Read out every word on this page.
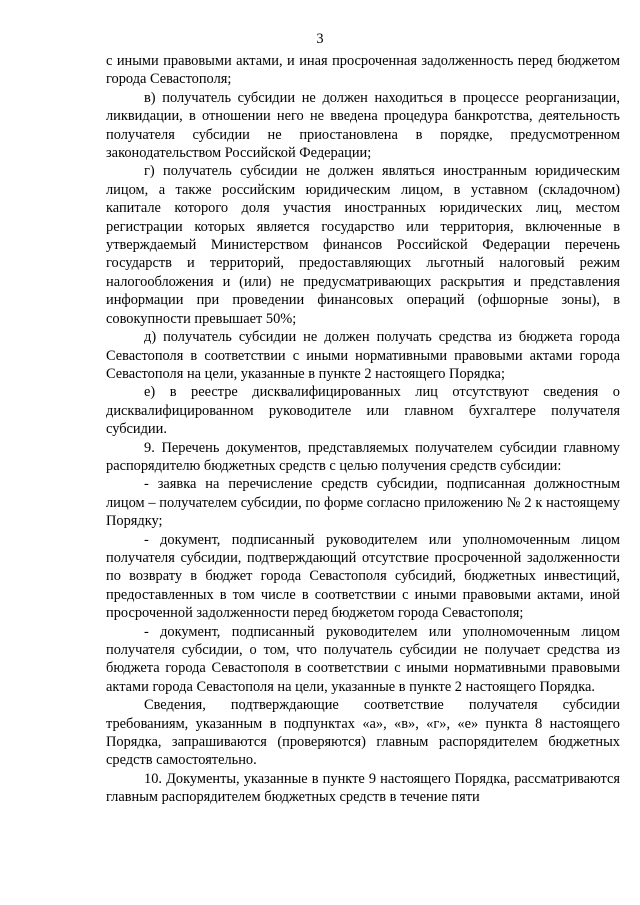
3

с иными правовыми актами, и иная просроченная задолженность перед бюджетом города Севастополя;

в) получатель субсидии не должен находиться в процессе реорганизации, ликвидации, в отношении него не введена процедура банкротства, деятельность получателя субсидии не приостановлена в порядке, предусмотренном законодательством Российской Федерации;

г) получатель субсидии не должен являться иностранным юридическим лицом, а также российским юридическим лицом, в уставном (складочном) капитале которого доля участия иностранных юридических лиц, местом регистрации которых является государство или территория, включенные в утверждаемый Министерством финансов Российской Федерации перечень государств и территорий, предоставляющих льготный налоговый режим налогообложения и (или) не предусматривающих раскрытия и представления информации при проведении финансовых операций (офшорные зоны), в совокупности превышает 50%;

д) получатель субсидии не должен получать средства из бюджета города Севастополя в соответствии с иными нормативными правовыми актами города Севастополя на цели, указанные в пункте 2 настоящего Порядка;

е) в реестре дисквалифицированных лиц отсутствуют сведения о дисквалифицированном руководителе или главном бухгалтере получателя субсидии.

9. Перечень документов, представляемых получателем субсидии главному распорядителю бюджетных средств с целью получения средств субсидии:

- заявка на перечисление средств субсидии, подписанная должностным лицом – получателем субсидии, по форме согласно приложению № 2 к настоящему Порядку;

- документ, подписанный руководителем или уполномоченным лицом получателя субсидии, подтверждающий отсутствие просроченной задолженности по возврату в бюджет города Севастополя субсидий, бюджетных инвестиций, предоставленных в том числе в соответствии с иными правовыми актами, иной просроченной задолженности перед бюджетом города Севастополя;

- документ, подписанный руководителем или уполномоченным лицом получателя субсидии, о том, что получатель субсидии не получает средства из бюджета города Севастополя в соответствии с иными нормативными правовыми актами города Севастополя на цели, указанные в пункте 2 настоящего Порядка.

Сведения, подтверждающие соответствие получателя субсидии требованиям, указанным в подпунктах «а», «в», «г», «е» пункта 8 настоящего Порядка, запрашиваются (проверяются) главным распорядителем бюджетных средств самостоятельно.

10. Документы, указанные в пункте 9 настоящего Порядка, рассматриваются главным распорядителем бюджетных средств в течение пяти
